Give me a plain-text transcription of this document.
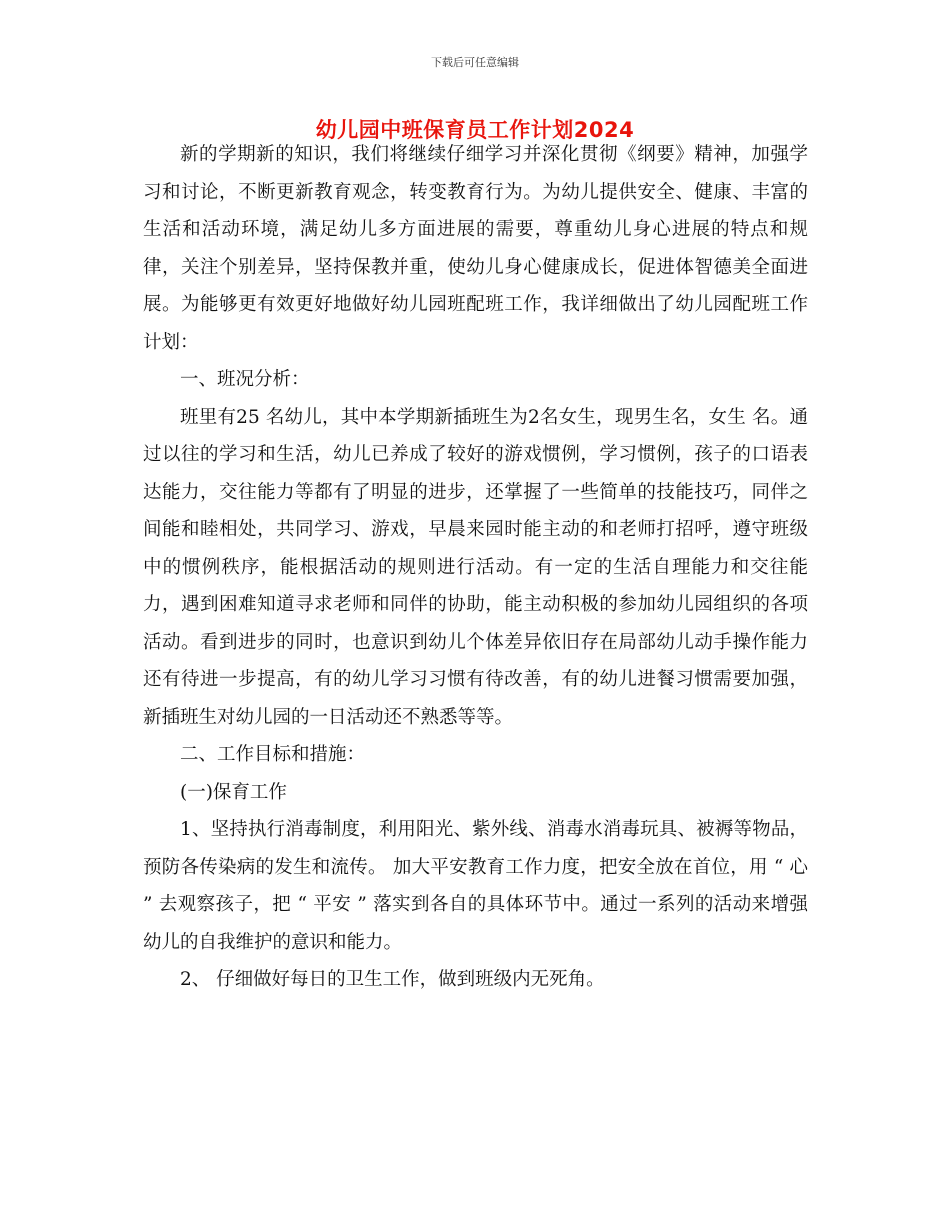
下载后可任意编辑
幼儿园中班保育员工作计划2024

新的学期新的知识，我们将继续仔细学习并深化贯彻《纲要》精神，加强学习和讨论，不断更新教育观念，转变教育行为。为幼儿提供安全、健康、丰富的生活和活动环境，满足幼儿多方面进展的需要，尊重幼儿身心进展的特点和规律，关注个别差异，坚持保教并重，使幼儿身心健康成长，促进体智德美全面进展。为能够更有效更好地做好幼儿园班配班工作，我详细做出了幼儿园配班工作计划：

一、班况分析：

班里有25 名幼儿，其中本学期新插班生为2名女生，现男生名，女生 名。通过以往的学习和生活，幼儿已养成了较好的游戏惯例，学习惯例，孩子的口语表达能力，交往能力等都有了明显的进步，还掌握了一些简单的技能技巧，同伴之间能和睦相处，共同学习、游戏，早晨来园时能主动的和老师打招呼，遵守班级中的惯例秩序，能根据活动的规则进行活动。有一定的生活自理能力和交往能力，遇到困难知道寻求老师和同伴的协助，能主动积极的参加幼儿园组织的各项活动。看到进步的同时，也意识到幼儿个体差异依旧存在局部幼儿动手操作能力还有待进一步提高，有的幼儿学习习惯有待改善，有的幼儿进餐习惯需要加强，新插班生对幼儿园的一日活动还不熟悉等等。

二、工作目标和措施：

(一)保育工作

1、坚持执行消毒制度，利用阳光、紫外线、消毒水消毒玩具、被褥等物品，预防各传染病的发生和流传。 加大平安教育工作力度，把安全放在首位，用 “ 心 ” 去观察孩子，把 “ 平安 ” 落实到各自的具体环节中。通过一系列的活动来增强幼儿的自我维护的意识和能力。

2、 仔细做好每日的卫生工作，做到班级内无死角。
